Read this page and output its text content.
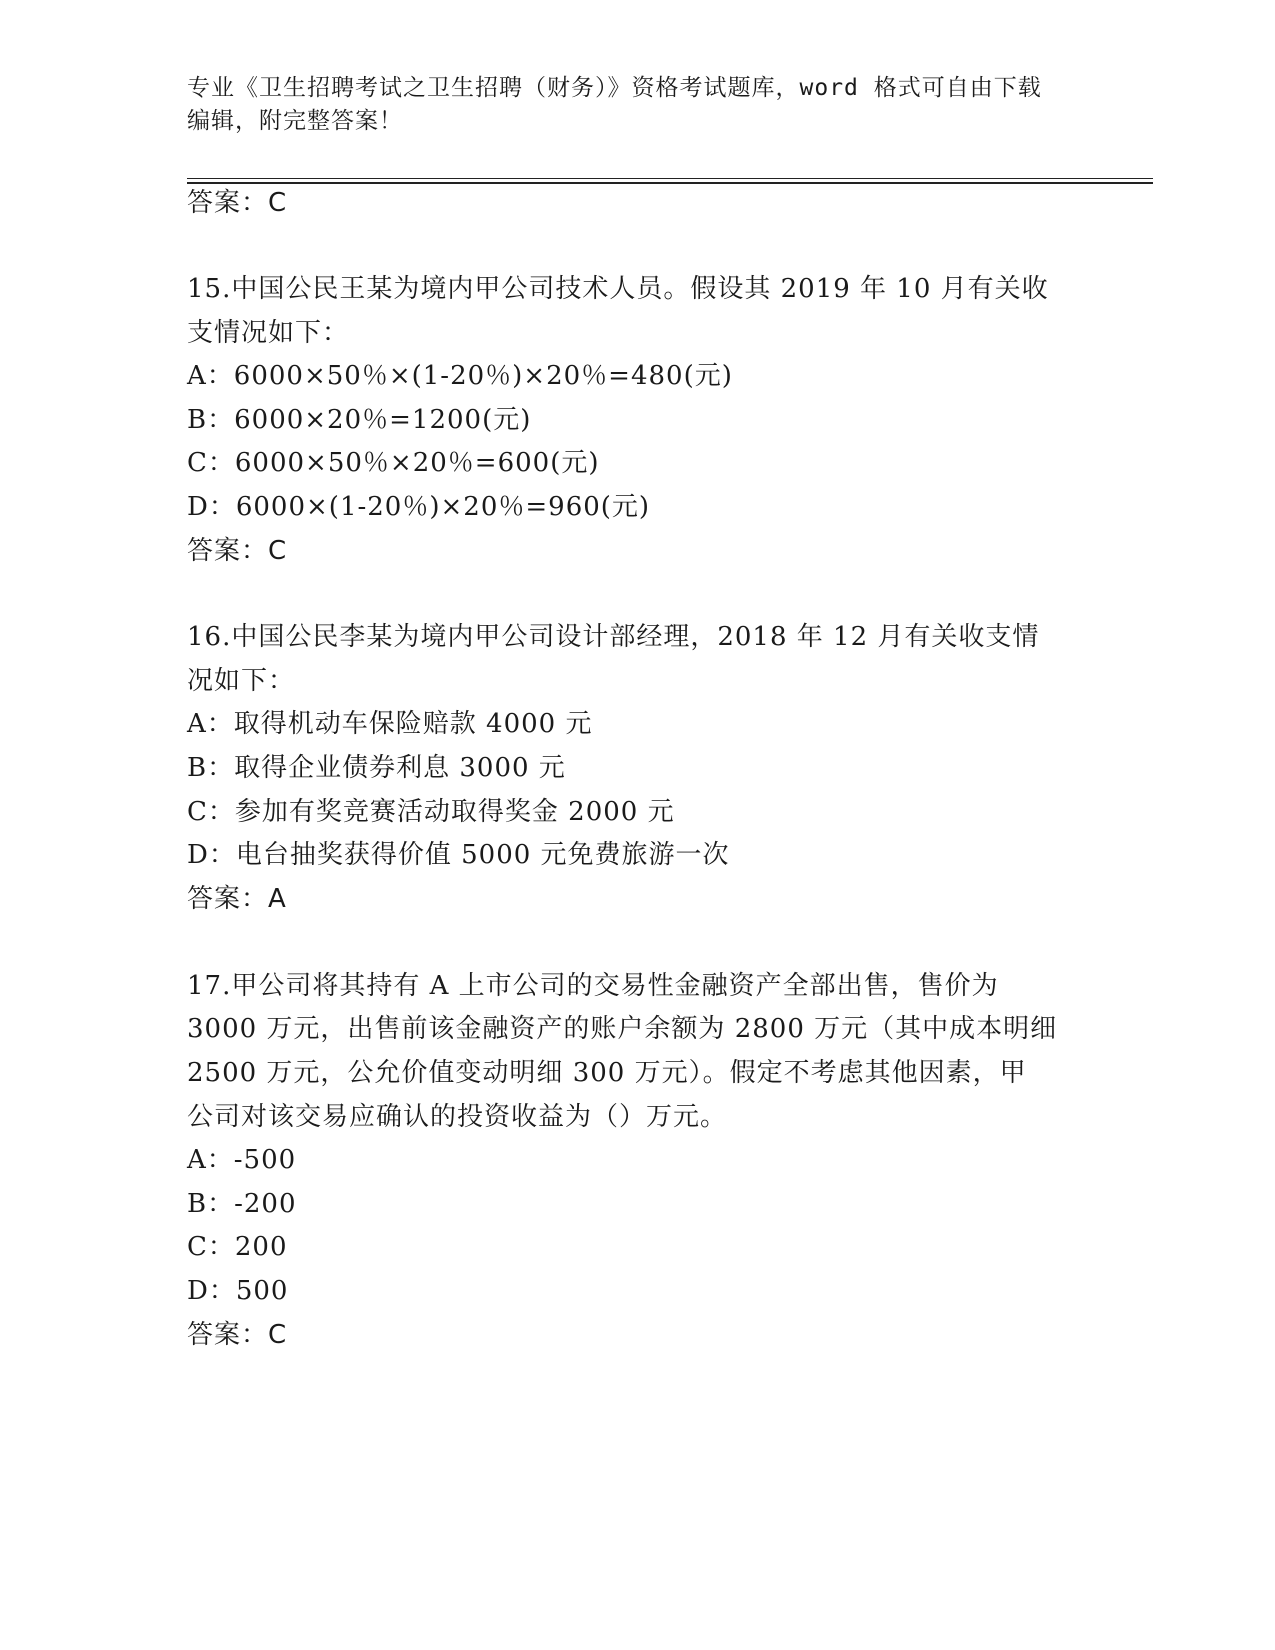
专业《卫生招聘考试之卫生招聘（财务）》资格考试题库，word 格式可自由下载
编辑，附完整答案！
答案：C
15.中国公民王某为境内甲公司技术人员。假设其 2019 年 10 月有关收
支情况如下：
A：6000×50％×(1-20％)×20％=480(元)
B：6000×20％=1200(元)
C：6000×50％×20％=600(元)
D：6000×(1-20％)×20％=960(元)
答案：C
16.中国公民李某为境内甲公司设计部经理，2018 年 12 月有关收支情
况如下：
A：取得机动车保险赔款 4000 元
B：取得企业债券利息 3000 元
C：参加有奖竞赛活动取得奖金 2000 元
D：电台抽奖获得价值 5000 元免费旅游一次
答案：A
17.甲公司将其持有 A 上市公司的交易性金融资产全部出售，售价为
3000 万元，出售前该金融资产的账户余额为 2800 万元（其中成本明细
2500 万元，公允价值变动明细 300 万元）。假定不考虑其他因素，甲
公司对该交易应确认的投资收益为（）万元。
A：-500
B：-200
C：200
D：500
答案：C
